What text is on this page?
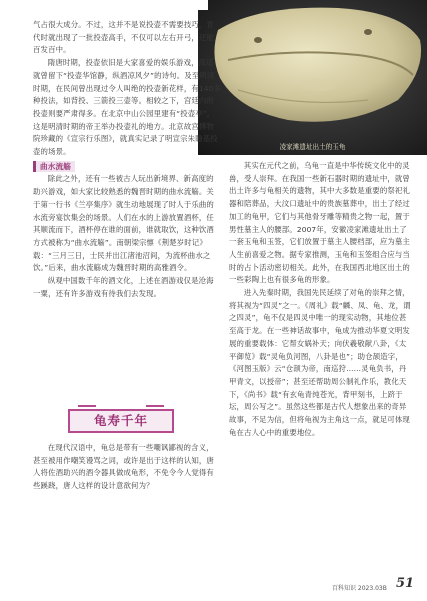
凌家滩遗址出土的玉龟

气占很大成分。不过，这并不是说投壶不需要技巧，晋代时就出现了一批投壶高手，不仅可以左右开弓，还能百发百中。

隋唐时期，投壶依旧是大家喜爱的娱乐游戏，高适就曾留下“投壶华馆静，纵酒凉风夕”的诗句。及至明清时期，在民间曾出现过令人叫绝的投壶新花样，有140多种投法，如背投、三箭投三壶等。相较之下，宫廷内的投壶则要严肃得多。在北京中山公园里建有“投壶亭”，这是明清时期的帝王举办投壶礼的地方。北京故宫博物院珍藏的《宣宗行乐图》，就真实记录了明宣宗朱瞻基投壶的场景。

曲水流觞

除此之外，还有一些被古人玩出新境界、新高度的助兴游戏，如大家比较熟悉的魏晋时期的曲水流觞。关于第一行书《兰亭集序》就生动地展现了时人于乐曲的水流旁宴饮集会的场景。人们在水的上游放置酒杯，任其顺流而下，酒杯停在谁的面前，谁就取饮，这种饮酒方式被称为“曲水流觞”。南朝梁宗懔《荆楚岁时记》载：“三月三日，士民并出江渚池沼间，为流杯曲水之饮。”后来，曲水流觞成为魏晋时期的高雅酒令。

纵观中国数千年的酒文化，上述在酒游戏仅是沧海一粟，还有许多游戏有待我们去发现。

龟寿千年

在现代汉语中，龟总是带有一些嘲讽鄙视的含义，甚至被用作嘲笑谩骂之词，或许是出于这样的认知，唐人将佐酒助兴的酒令器具做成龟形，不免令今人觉得有些蹊跷，唐人这样的设计意欲何为？

其实在元代之前，乌龟一直是中华传统文化中的灵兽，受人崇拜。在我国一些新石器时期的遗址中，就曾出土许多与龟相关的遗物，其中大多数是重要的祭祀礼器和陪葬品，大汶口遗址中的贵族墓葬中，出土了经过加工的龟甲，它们与其他骨牙雕等精贵之物一起，置于男性墓主人的腰部。2007年，安徽凌家滩遗址出土了一套玉龟和玉签，它们放置于墓主人腰档部，应为墓主人生前喜爱之物。据专家推测，玉龟和玉签组合应与当时的占卜活动密切相关。此外，在我国西北地区出土的一些彩陶上也有很多龟的形象。

进入先秦时期，我国先民延续了对龟的崇拜之情，将其视为“四灵”之一。《周礼》载“麟、凤、龟、龙，谓之四灵”，龟不仅是四灵中唯一的现实动物，其地位甚至高于龙。在一些神话故事中，龟成为推动华夏文明发展的重要载体：它帮女娲补天；向伏羲敬献八卦，《太平御览》载“灵龟负河图，八卦是也”；助仓颉造字，《河图玉版》云“仓颉为帝，南巡狩……灵龟负书，丹甲青文，以授帝”；甚至还帮助周公制礼作乐，教化天下，《尚书》载“有玄龟青纯苍光，背甲刻书，上跻于坛，周公写之”。虽然这些都是古代人想象出来的奇异故事，不足为信，但将龟视为主角这一点，就足可体现龟在古人心中的重要地位。

百科知识 2023.03B 51
